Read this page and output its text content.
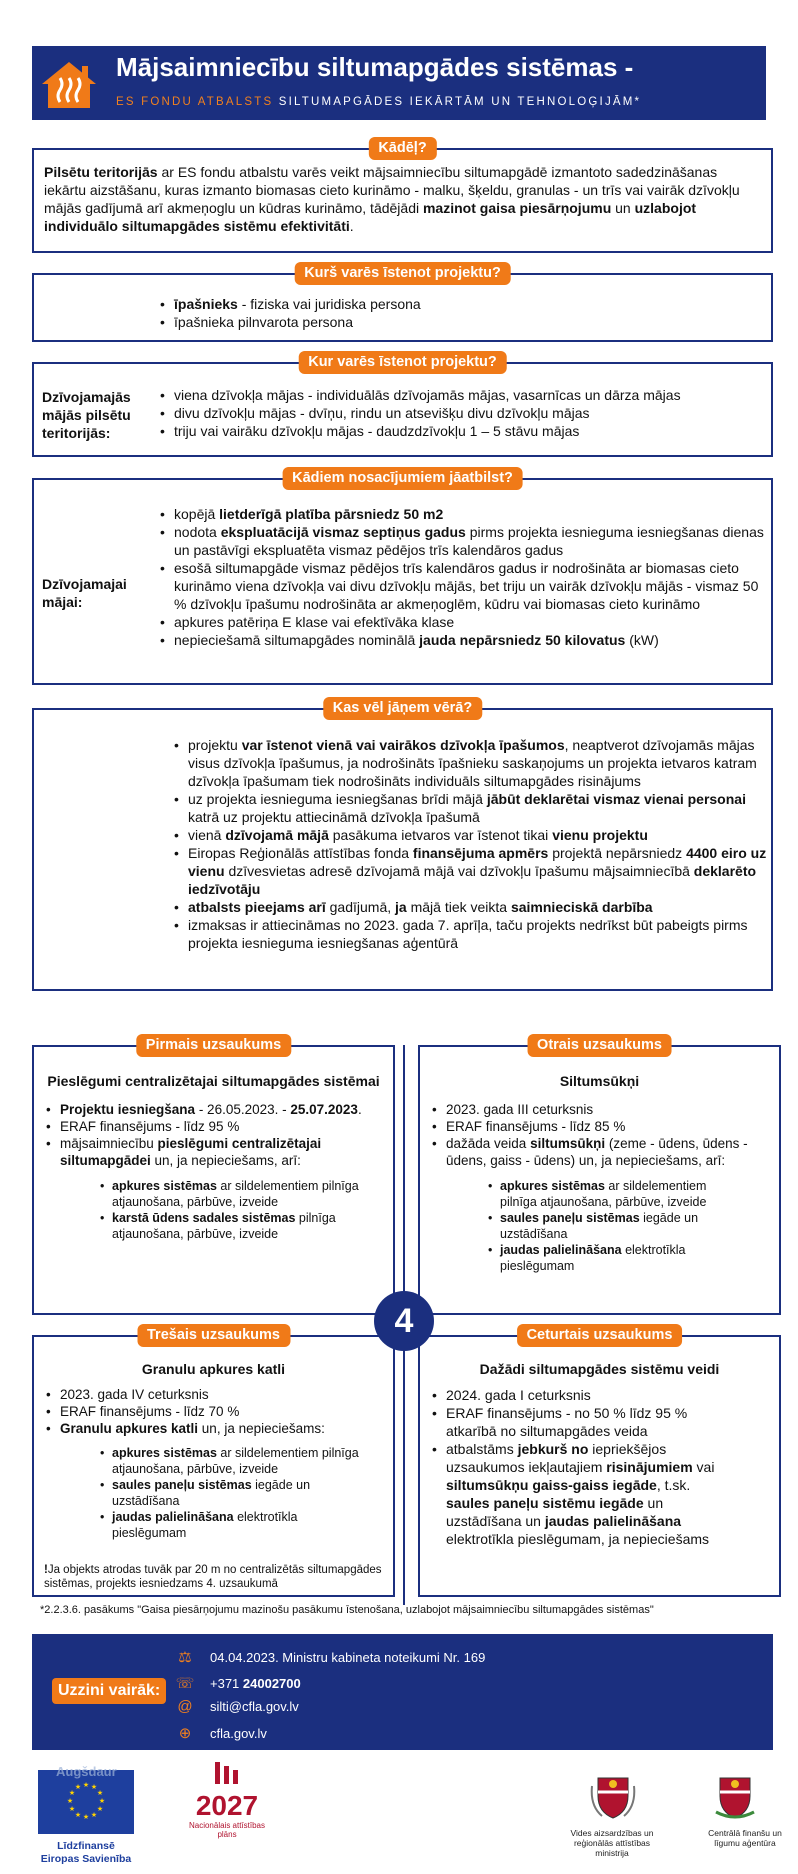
Mājsaimniecību siltumapgādes sistēmas -
ES FONDU ATBALSTS SILTUMAPGĀDES IEKĀRTĀM UN TEHNOLOĢIJĀM*
Kādēļ?
Pilsētu teritorijās ar ES fondu atbalstu varēs veikt mājsaimniecību siltumapgādē izmantoto sadedzināšanas iekārtu aizstāšanu, kuras izmanto biomasas cieto kurināmo - malku, šķeldu, granulas - un trīs vai vairāk dzīvokļu mājās gadījumā arī akmeņoglu un kūdras kurināmo, tādējādi mazinot gaisa piesārņojumu un uzlabojot individuālo siltumapgādes sistēmu efektivitāti.
Kurš varēs īstenot projektu?
• īpašnieks - fiziska vai juridiska persona
• īpašnieka pilnvarota persona
Kur varēs īstenot projektu?
Dzīvojamajās mājās pilsētu teritorijās:
• viena dzīvokļa mājas - individuālās dzīvojamās mājas, vasarnīcas un dārza mājas
• divu dzīvokļu mājas - dvīņu, rindu un atsevišķu divu dzīvokļu mājas
• triju vai vairāku dzīvokļu mājas - daudzdzīvokļu 1 – 5 stāvu mājas
Kādiem nosacījumiem jāatbilst?
Dzīvojamajai mājai:
• kopējā lietderīgā platība pārsniedz 50 m2
• nodota ekspluatācijā vismaz septiņus gadus pirms projekta iesnieguma iesniegšanas dienas un pastāvīgi ekspluatēta vismaz pēdējos trīs kalendāros gadus
• esošā siltumapgāde vismaz pēdējos trīs kalendāros gadus ir nodrošināta ar biomasas cieto kurināmo viena dzīvokļa vai divu dzīvokļu mājās, bet triju un vairāk dzīvokļu mājās - vismaz 50 % dzīvokļu īpašumu nodrošināta ar akmeņoglēm, kūdru vai biomasas cieto kurināmo
• apkures patēriņa E klase vai efektīvāka klase
• nepieciešamā siltumapgādes nominālā jauda nepārsniedz 50 kilovatus (kW)
Kas vēl jāņem vērā?
• projektu var īstenot vienā vai vairākos dzīvokļa īpašumos, neaptverot dzīvojamās mājas visus dzīvokļa īpašumus, ja nodrošināts īpašnieku saskaņojums un projekta ietvaros katram dzīvokļa īpašumam tiek nodrošināts individuāls siltumapgādes risinājums
• uz projekta iesnieguma iesniegšanas brīdi mājā jābūt deklarētai vismaz vienai personai katrā uz projektu attiecināmā dzīvokļa īpašumā
• vienā dzīvojamā mājā pasākuma ietvaros var īstenot tikai vienu projektu
• Eiropas Reģionālās attīstības fonda finansējuma apmērs projektā nepārsniedz 4400 eiro uz vienu dzīvesvietas adresē dzīvojamā mājā vai dzīvokļu īpašumu mājsaimniecībā deklarēto iedzīvotāju
• atbalsts pieejams arī gadījumā, ja mājā tiek veikta saimnieciskā darbība
• izmaksas ir attiecināmas no 2023. gada 7. aprīļa, taču projekts nedrīkst būt pabeigts pirms projekta iesnieguma iesniegšanas aģentūrā
Pirmais uzsaukums
Pieslēgumi centralizētajai siltumapgādes sistēmai
• Projektu iesniegšana - 26.05.2023. - 25.07.2023.
• ERAF finansējums - līdz 95 %
• mājsaimniecību pieslēgumi centralizētajai siltumapgādei un, ja nepieciešams, arī:
• apkures sistēmas ar sildelementiem pilnīga atjaunošana, pārbūve, izveide
• karstā ūdens sadales sistēmas pilnīga atjaunošana, pārbūve, izveide
Otrais uzsaukums
Siltumsūkņi
• 2023. gada III ceturksnis
• ERAF finansējums - līdz 85 %
• dažāda veida siltumsūkņi (zeme - ūdens, ūdens - ūdens, gaiss - ūdens) un, ja nepieciešams, arī:
• apkures sistēmas ar sildelementiem pilnīga atjaunošana, pārbūve, izveide
• saules paneļu sistēmas iegāde un uzstādīšana
• jaudas palielināšana elektrotīkla pieslēgumam
Trešais uzsaukums
Granulu apkures katli
• 2023. gada IV ceturksnis
• ERAF finansējums - līdz 70 %
• Granulu apkures katli un, ja nepieciešams:
• apkures sistēmas ar sildelementiem pilnīga atjaunošana, pārbūve, izveide
• saules paneļu sistēmas iegāde un uzstādīšana
• jaudas palielināšana elektrotīkla pieslēgumam
!Ja objekts atrodas tuvāk par 20 m no centralizētās siltumapgādes sistēmas, projekts iesniedzams 4. uzsaukumā
Ceturtais uzsaukums
Dažādi siltumapgādes sistēmu veidi
• 2024. gada I ceturksnis
• ERAF finansējums - no 50 % līdz 95 % atkarībā no siltumapgādes veida
• atbalstāms jebkurš no iepriekšējos uzsaukumos iekļautajiem risinājumiem vai siltumsūkņu gaiss-gaiss iegāde, t.sk. saules paneļu sistēmu iegāde un uzstādīšana un jaudas palielināšana elektrotīkla pieslēgumam, ja nepieciešams
4
*2.2.3.6. pasākums "Gaisa piesārņojumu mazinošu pasākumu īstenošana, uzlabojot mājsaimniecību siltumapgādes sistēmas"
Uzzini vairāk:
⚖ 04.04.2023. Ministru kabineta noteikumi Nr. 169
☏ +371 24002700
@ silti@cfla.gov.lv
⊕ cfla.gov.lv
★ ★
★
★
★
★
★
★
★
★
★
★
Augšdaur
Līdzfinansē Eiropas Savienība
2027
Nacionālais attīstības plāns	Vides aizsardzības un reģionālās attīstības ministrija
Centrālā finanšu un līgumu aģentūra
